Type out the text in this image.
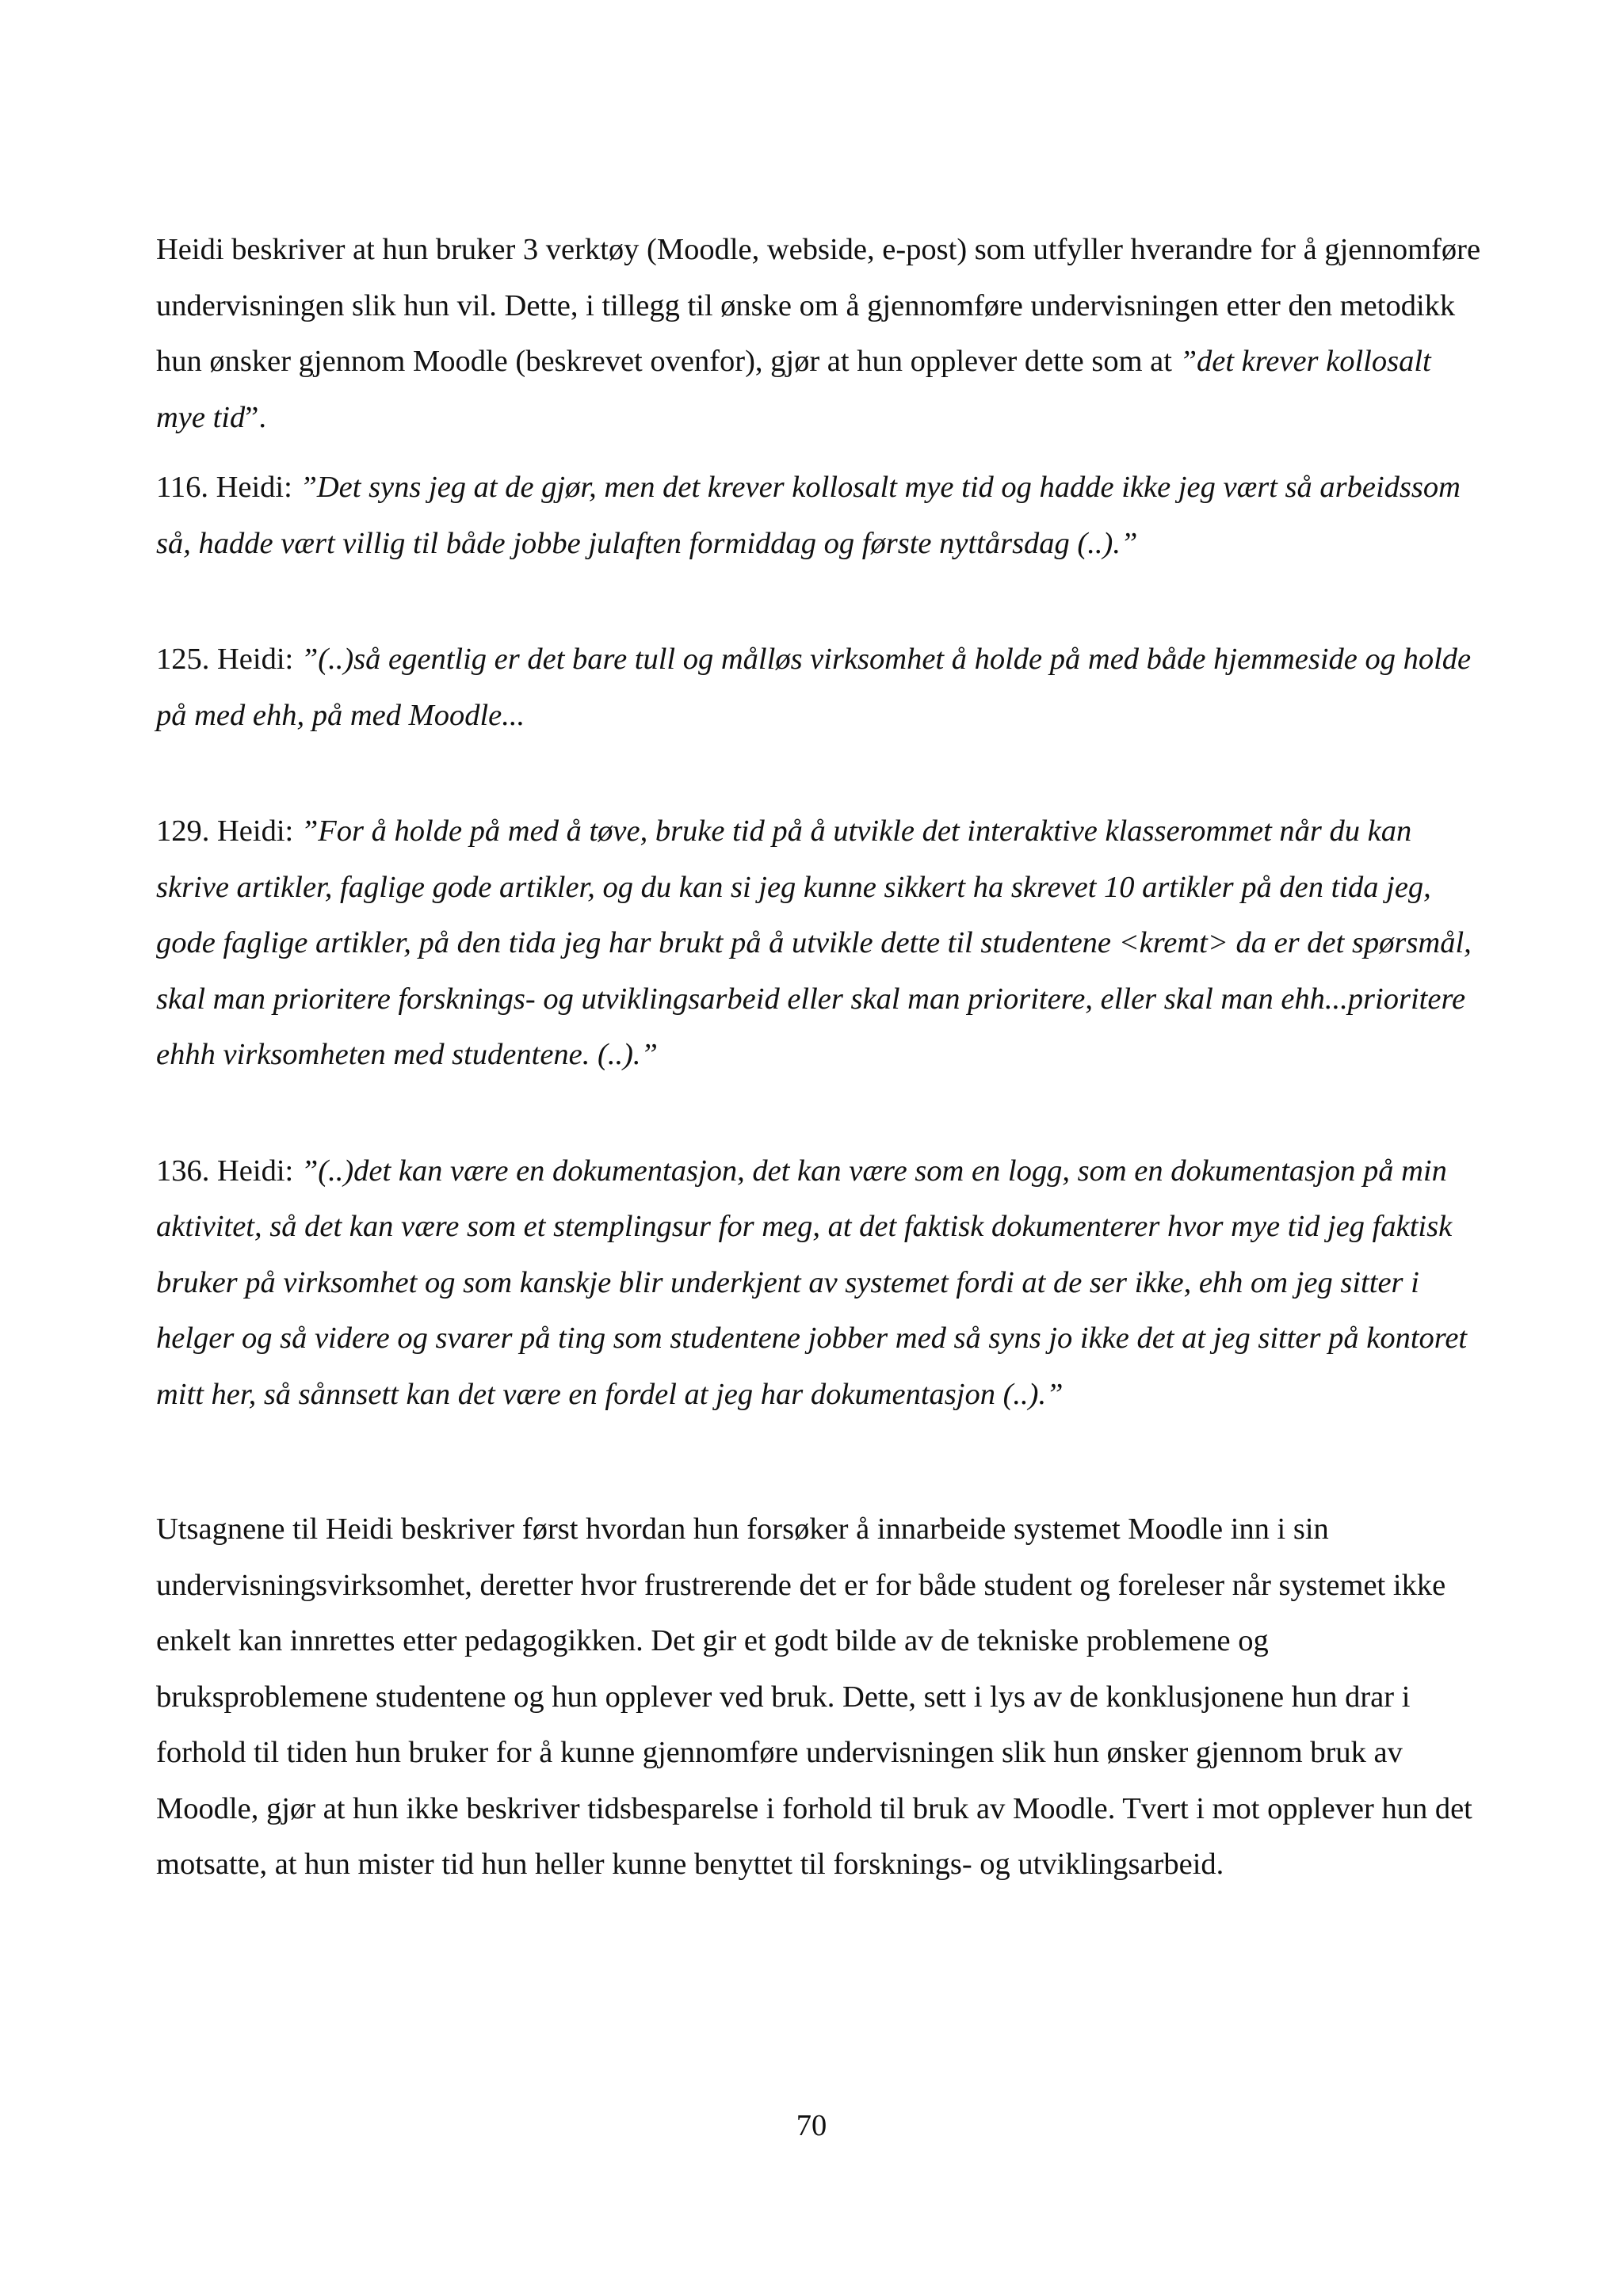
Heidi beskriver at hun bruker 3 verktøy (Moodle, webside, e-post) som utfyller hverandre for å gjennomføre undervisningen slik hun vil. Dette, i tillegg til ønske om å gjennomføre undervisningen etter den metodikk hun ønsker gjennom Moodle (beskrevet ovenfor), gjør at hun opplever dette som at ”det krever kollosalt mye tid”.

116. Heidi: ”Det syns jeg at de gjør, men det krever kollosalt mye tid og hadde ikke jeg vært så arbeidssom så, hadde vært villig til både jobbe julaften formiddag og første nyttårsdag (..).”

125. Heidi: ”(..)så egentlig er det bare tull og målløs virksomhet å holde på med både hjemmeside og holde på med ehh, på med Moodle...

129. Heidi: ”For å holde på med å tøve, bruke tid på å utvikle det interaktive klasserommet når du kan skrive artikler, faglige gode artikler, og du kan si jeg kunne sikkert ha skrevet 10 artikler på den tida jeg, gode faglige artikler, på den tida jeg har brukt på å utvikle dette til studentene <kremt> da er det spørsmål, skal man prioritere forsknings- og utviklingsarbeid eller skal man prioritere, eller skal man ehh...prioritere ehhh virksomheten med studentene. (..).”

136. Heidi: ”(..)det kan være en dokumentasjon, det kan være som en logg, som en dokumentasjon på min aktivitet, så det kan være som et stemplingsur for meg, at det faktisk dokumenterer hvor mye tid jeg faktisk bruker på virksomhet og som kanskje blir underkjent av systemet fordi at de ser ikke, ehh om jeg sitter i helger og så videre og svarer på ting som studentene jobber med så syns jo ikke det at jeg sitter på kontoret mitt her, så sånnsett kan det være en fordel at jeg har dokumentasjon (..).”

Utsagnene til Heidi beskriver først hvordan hun forsøker å innarbeide systemet Moodle inn i sin undervisningsvirksomhet, deretter hvor frustrerende det er for både student og foreleser når systemet ikke enkelt kan innrettes etter pedagogikken. Det gir et godt bilde av de tekniske problemene og bruksproblemene studentene og hun opplever ved bruk. Dette, sett i lys av de konklusjonene hun drar i forhold til tiden hun bruker for å kunne gjennomføre undervisningen slik hun ønsker gjennom bruk av Moodle, gjør at hun ikke beskriver tidsbesparelse i forhold til bruk av Moodle. Tvert i mot opplever hun det motsatte, at hun mister tid hun heller kunne benyttet til forsknings- og utviklingsarbeid.

70
